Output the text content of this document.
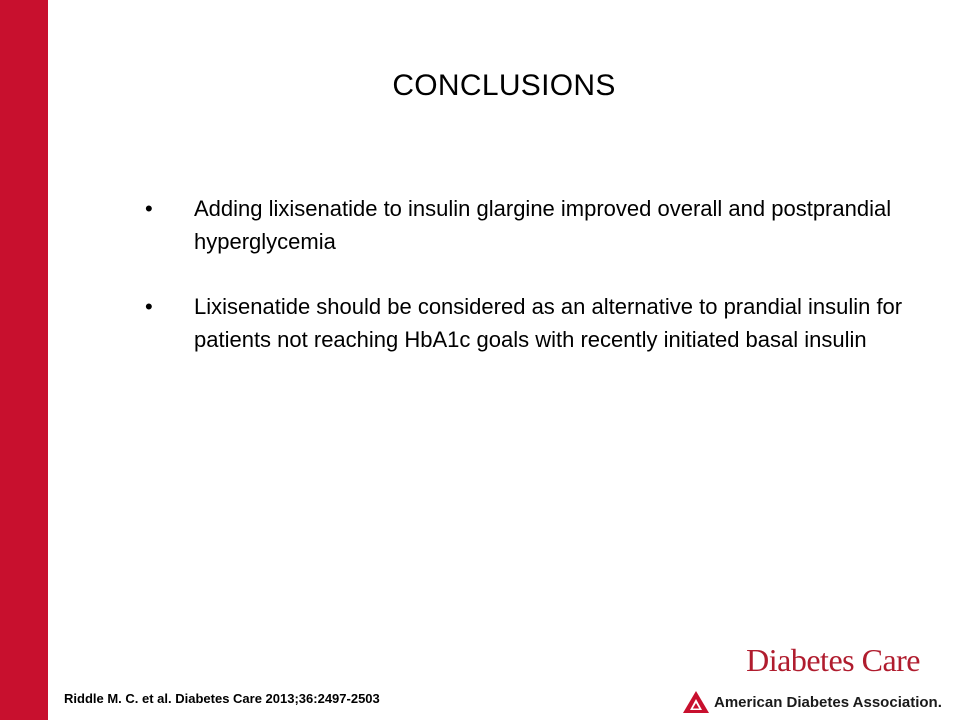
CONCLUSIONS
• Adding lixisenatide to insulin glargine improved overall and postprandial hyperglycemia
• Lixisenatide should be considered as an alternative to prandial insulin for patients not reaching HbA1c goals with recently initiated basal insulin
Riddle M. C. et al. Diabetes Care 2013;36:2497-2503
Diabetes Care
American Diabetes Association.
